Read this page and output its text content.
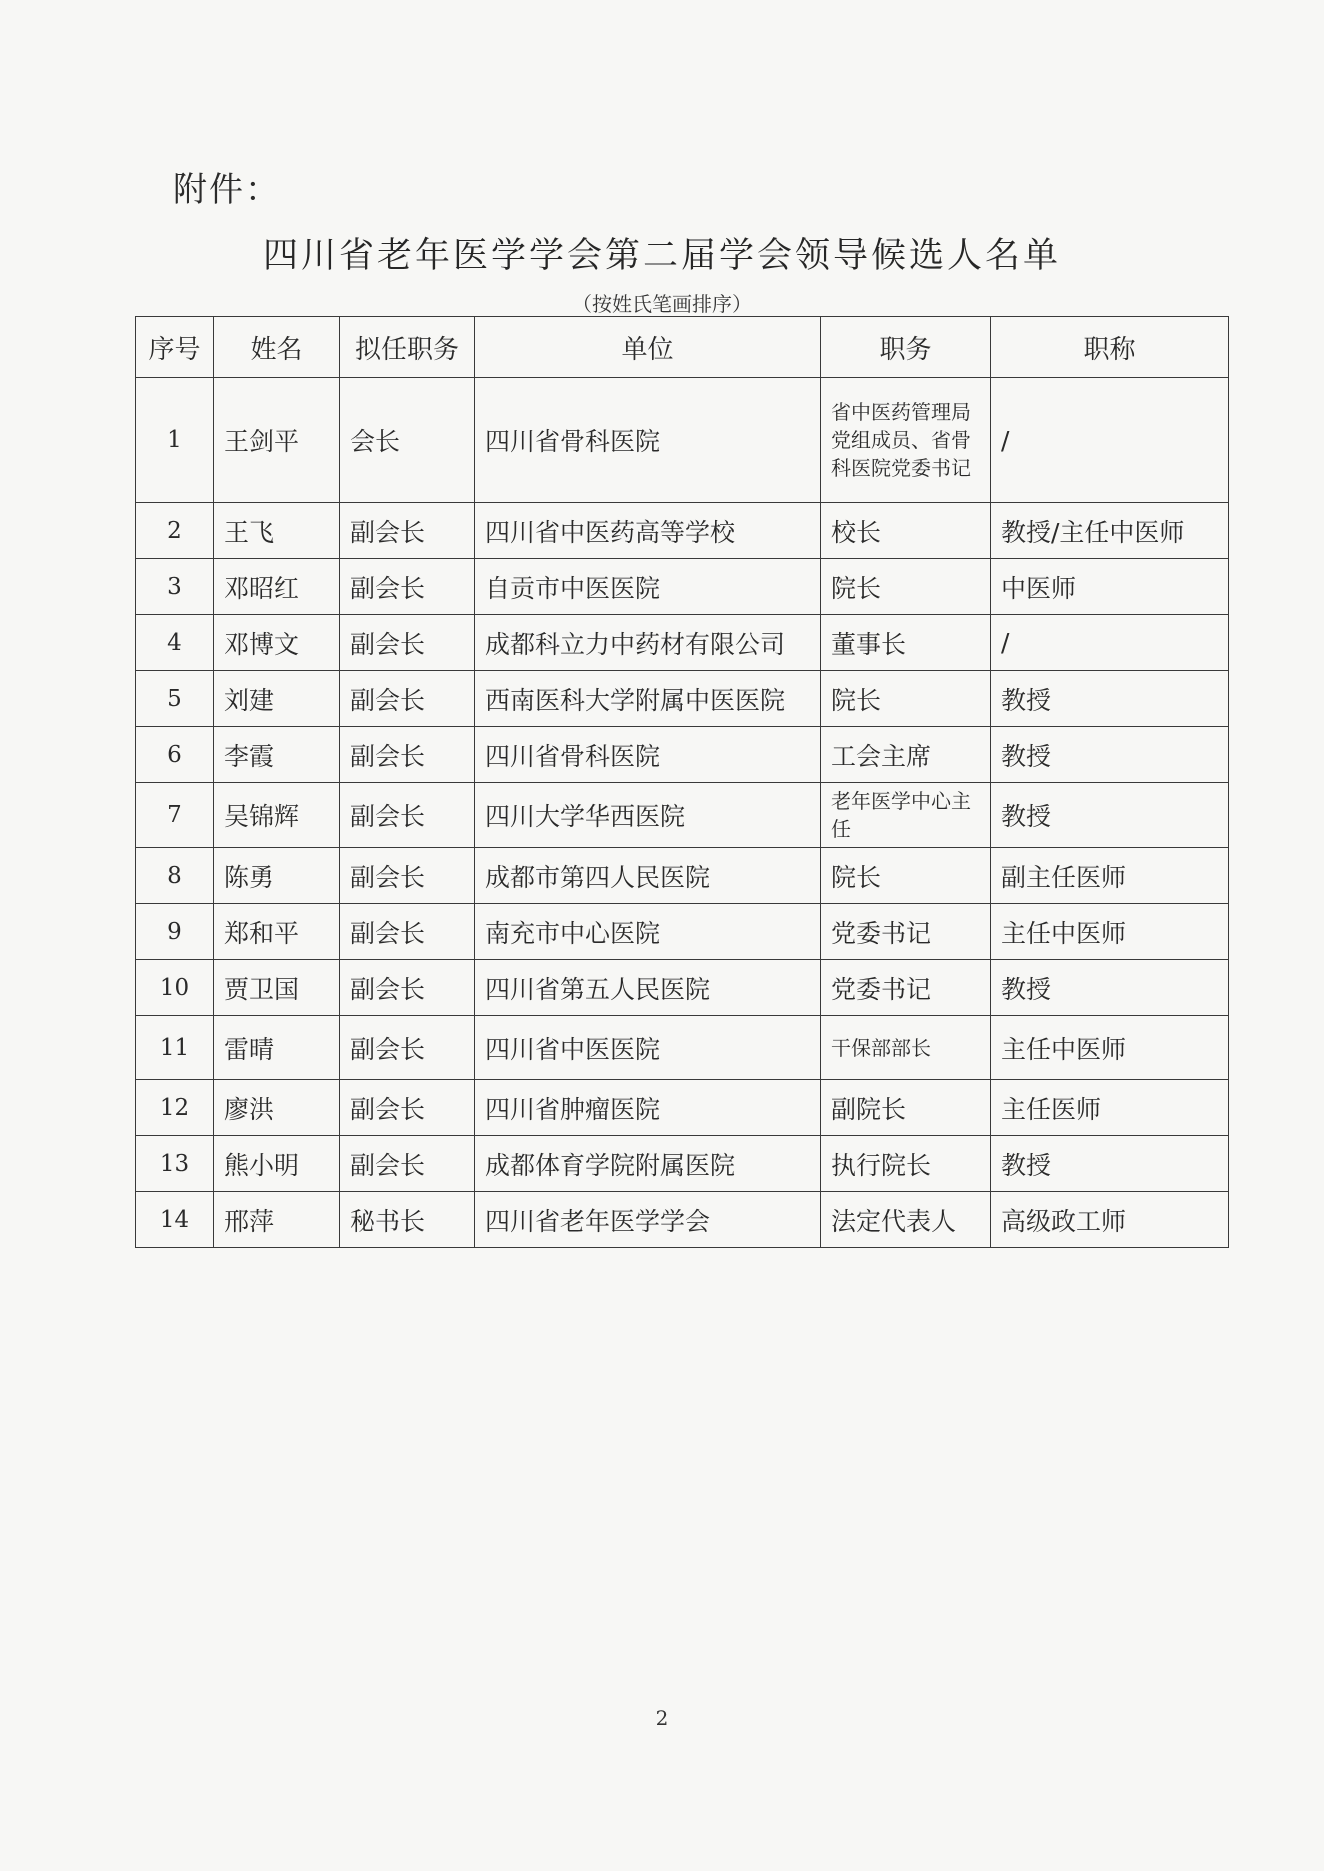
附件：
四川省老年医学学会第二届学会领导候选人名单
（按姓氏笔画排序）
序号	姓名	拟任职务	单位	职务	职称
1	王剑平	会长	四川省骨科医院	省中医药管理局党组成员、省骨科医院党委书记	/
2	王飞	副会长	四川省中医药高等学校	校长	教授/主任中医师
3	邓昭红	副会长	自贡市中医医院	院长	中医师
4	邓博文	副会长	成都科立力中药材有限公司	董事长	/
5	刘建	副会长	西南医科大学附属中医医院	院长	教授
6	李霞	副会长	四川省骨科医院	工会主席	教授
7	吴锦辉	副会长	四川大学华西医院	老年医学中心主任	教授
8	陈勇	副会长	成都市第四人民医院	院长	副主任医师
9	郑和平	副会长	南充市中心医院	党委书记	主任中医师
10	贾卫国	副会长	四川省第五人民医院	党委书记	教授
11	雷晴	副会长	四川省中医医院	干保部部长	主任中医师
12	廖洪	副会长	四川省肿瘤医院	副院长	主任医师
13	熊小明	副会长	成都体育学院附属医院	执行院长	教授
14	邢萍	秘书长	四川省老年医学学会	法定代表人	高级政工师
2
